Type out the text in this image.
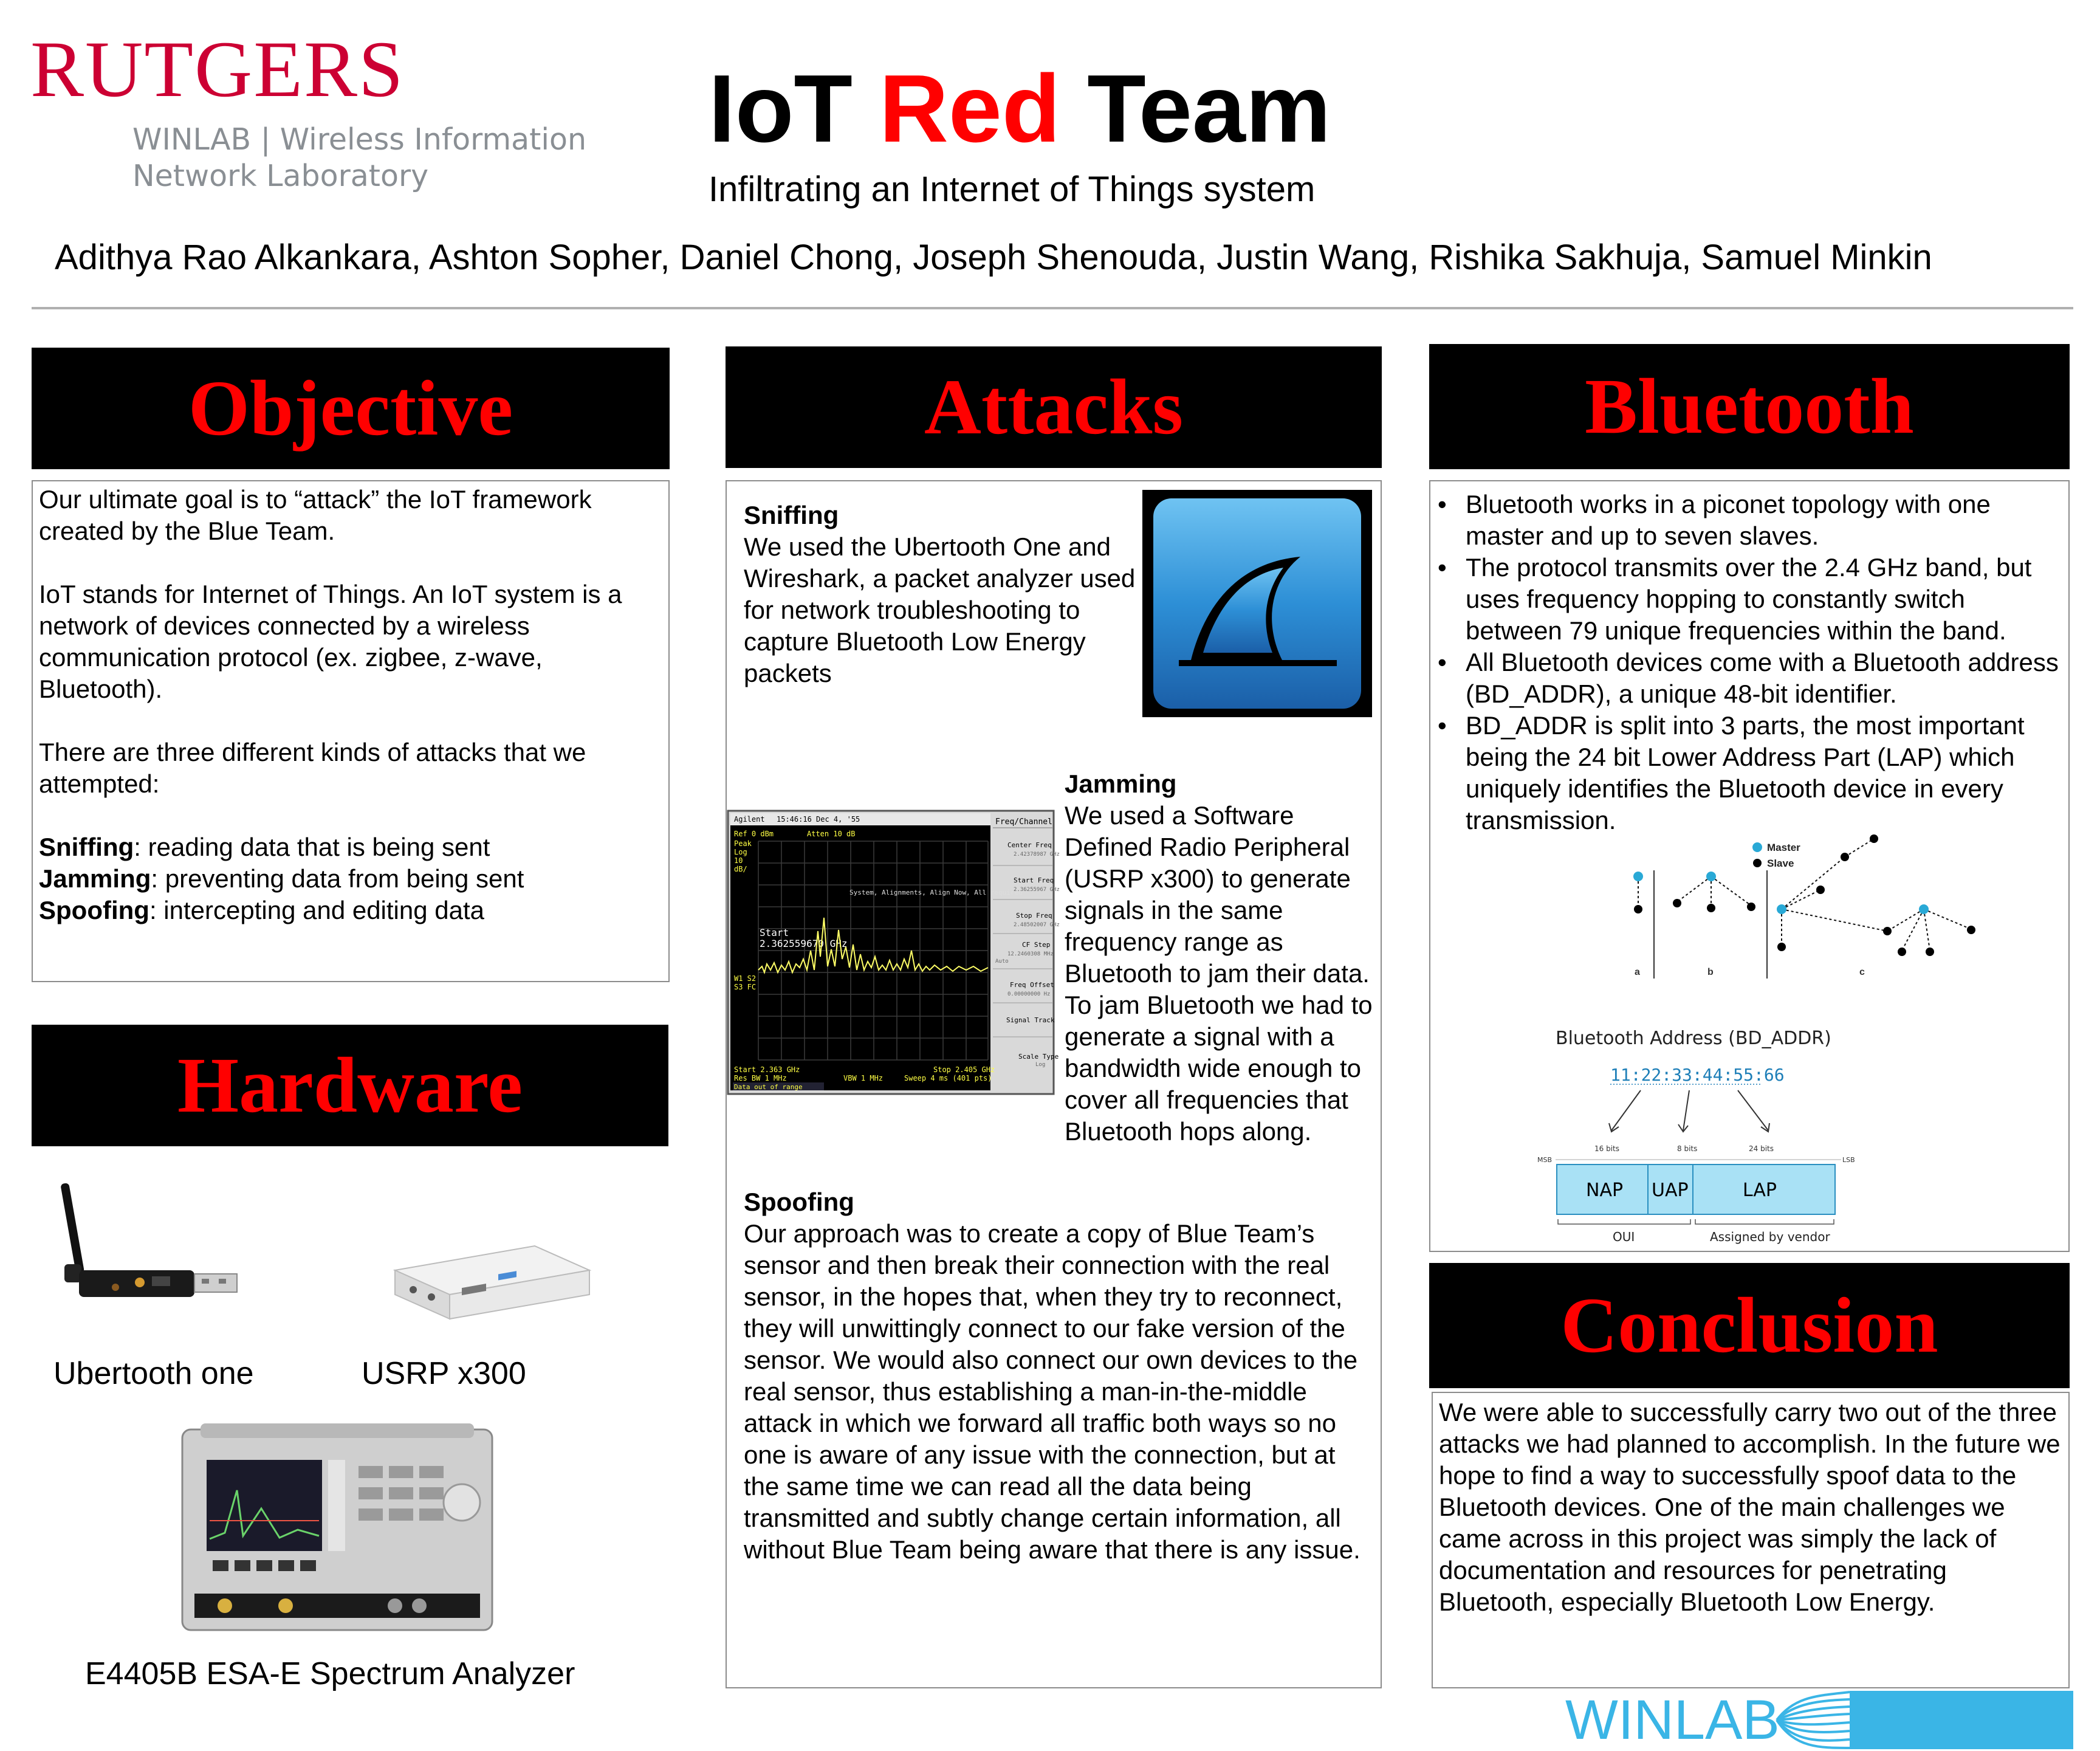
RUTGERS
WINLAB | Wireless Information
Network Laboratory
IoT Red Team
Infiltrating an Internet of Things system
Adithya Rao Alkankara, Ashton Sopher, Daniel Chong, Joseph Shenouda, Justin Wang, Rishika Sakhuja, Samuel Minkin
Objective

Our ultimate goal is to “attack” the IoT framework created by the Blue Team.

IoT stands for Internet of Things. An IoT system is a network of devices connected by a wireless communication protocol (ex. zigbee, z-wave, Bluetooth).

There are three different kinds of attacks that we attempted:

Sniffing: reading data that is being sent
Jamming: preventing data from being sent
Spoofing: intercepting and editing data
Hardware
Ubertooth one	USRP x300
E4405B ESA-E Spectrum Analyzer
Attacks
Sniffing
We used the Ubertooth One and Wireshark, a packet analyzer used for network troubleshooting to capture Bluetooth Low Energy packets
Agilent 15:46:16 Dec 4, '55
Ref 0 dBm	Atten 10 dB
Peak
Log
10
dB/
W1 S2
S3 FC
System, Alignments, Align Now, All required
Start
2.362559670 GHz
Start 2.363 GHz
Res BW 1 MHz	VBW 1 MHz
Stop 2.405 GHz
Sweep 4 ms (401 pts)
Data out of range
Freq/Channel
Center Freq
2.42378987 GHz
Start Freq
2.36255967 GHz
Stop Freq
2.48502007 GHz
CF Step
12.2460308 MHz
Auto
Freq Offset
0.00000000 Hz
Signal Track
Scale Type
Log
Jamming
We used a Software Defined Radio Peripheral (USRP x300) to generate signals in the same frequency range as Bluetooth to jam their data. To jam Bluetooth we had to generate a signal with a bandwidth wide enough to cover all frequencies that Bluetooth hops along.
Spoofing
Our approach was to create a copy of Blue Team’s sensor and then break their connection with the real sensor, in the hopes that, when they try to reconnect, they will unwittingly connect to our fake version of the sensor. We would also connect our own devices to the real sensor, thus establishing a man-in-the-middle attack in which we forward all traffic both ways so no one is aware of any issue with the connection, but at the same time we can read all the data being transmitted and subtly change certain information, all without Blue Team being aware that there is any issue.
Bluetooth
• Bluetooth works in a piconet topology with one master and up to seven slaves.
• The protocol transmits over the 2.4 GHz band, but uses frequency hopping to constantly switch between 79 unique frequencies within the band.
• All Bluetooth devices come with a Bluetooth address (BD_ADDR), a unique 48-bit identifier.
• BD_ADDR is split into 3 parts, the most important being the 24 bit Lower Address Part (LAP) which uniquely identifies the Bluetooth device in every transmission.
Master
Slave
a	b	c
Bluetooth Address (BD_ADDR)
11:22:33:44:55:66
MSB	LSB
16 bits	8 bits	24 bits
NAP UAP	LAP
OUI	Assigned by vendor
Conclusion
We were able to successfully carry two out of the three attacks we had planned to accomplish. In the future we hope to find a way to successfully spoof data to the Bluetooth devices. One of the main challenges we came across in this project was simply the lack of documentation and resources for penetrating Bluetooth, especially Bluetooth Low Energy.
WINLAB
